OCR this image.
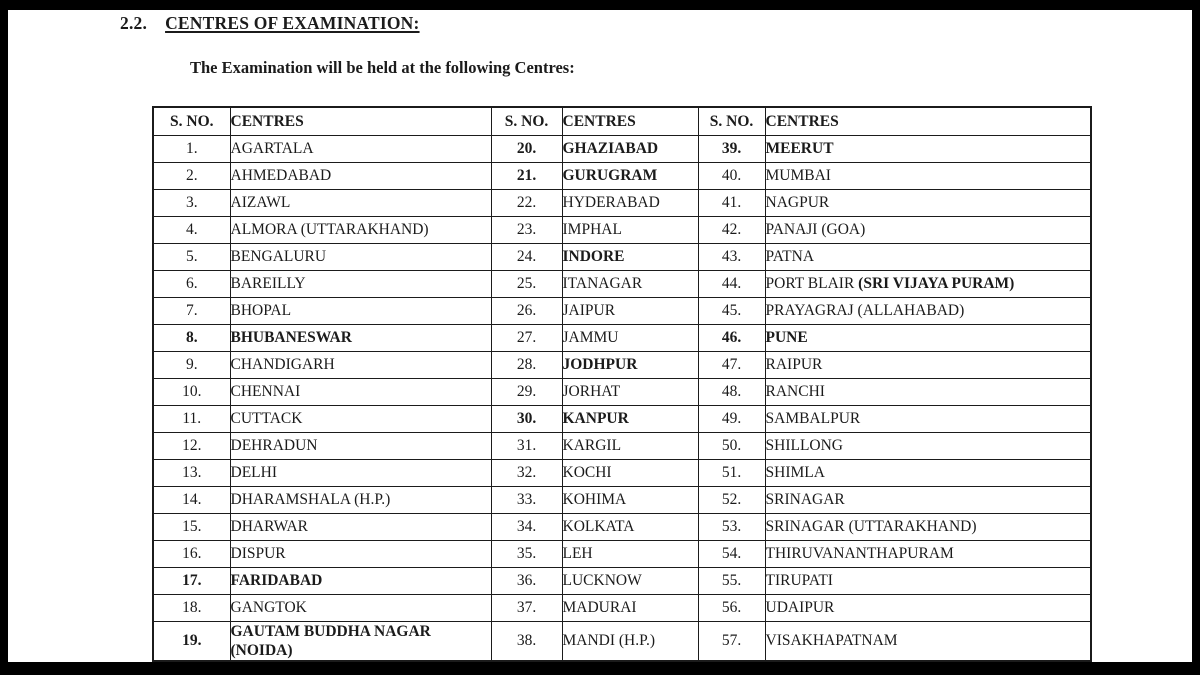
2.2. CENTRES OF EXAMINATION:
The Examination will be held at the following Centres:
S. NO.	CENTRES	S. NO.	CENTRES	S. NO.	CENTRES
1.	AGARTALA	20.	GHAZIABAD	39.	MEERUT
2.	AHMEDABAD	21.	GURUGRAM	40.	MUMBAI
3.	AIZAWL	22.	HYDERABAD	41.	NAGPUR
4.	ALMORA (UTTARAKHAND)	23.	IMPHAL	42.	PANAJI (GOA)
5.	BENGALURU	24.	INDORE	43.	PATNA
6.	BAREILLY	25.	ITANAGAR	44.	PORT BLAIR (SRI VIJAYA PURAM)
7.	BHOPAL	26.	JAIPUR	45.	PRAYAGRAJ (ALLAHABAD)
8.	BHUBANESWAR	27.	JAMMU	46.	PUNE
9.	CHANDIGARH	28.	JODHPUR	47.	RAIPUR
10.	CHENNAI	29.	JORHAT	48.	RANCHI
11.	CUTTACK	30.	KANPUR	49.	SAMBALPUR
12.	DEHRADUN	31.	KARGIL	50.	SHILLONG
13.	DELHI	32.	KOCHI	51.	SHIMLA
14.	DHARAMSHALA (H.P.)	33.	KOHIMA	52.	SRINAGAR
15.	DHARWAR	34.	KOLKATA	53.	SRINAGAR (UTTARAKHAND)
16.	DISPUR	35.	LEH	54.	THIRUVANANTHAPURAM
17.	FARIDABAD	36.	LUCKNOW	55.	TIRUPATI
18.	GANGTOK	37.	MADURAI	56.	UDAIPUR
19.	GAUTAM BUDDHA NAGAR
(NOIDA)	38.	MANDI (H.P.)	57.	VISAKHAPATNAM
